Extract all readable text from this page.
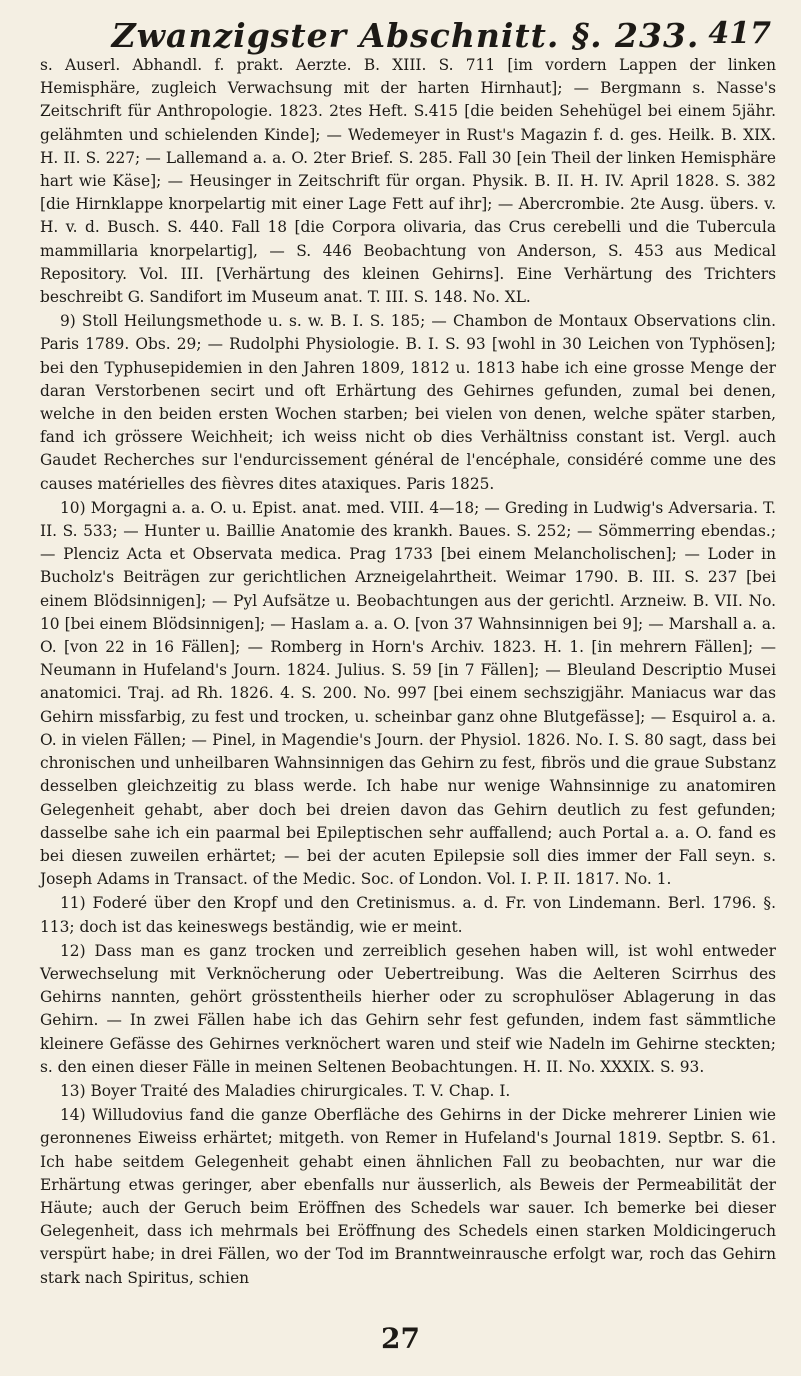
Zwanzigster Abschnitt. §. 233. 417

s. Auserl. Abhandl. f. prakt. Aerzte. B. XIII. S. 711 [im vordern Lappen der linken Hemisphäre, zugleich Verwachsung mit der harten Hirnhaut]; — Bergmann s. Nasse's Zeitschrift für Anthropologie. 1823. 2tes Heft. S.415 [die beiden Sehehügel bei einem 5jähr. gelähmten und schielenden Kinde]; — Wedemeyer in Rust's Magazin f. d. ges. Heilk. B. XIX. H. II. S. 227; — Lallemand a. a. O. 2ter Brief. S. 285. Fall 30 [ein Theil der linken Hemisphäre hart wie Käse]; — Heusinger in Zeitschrift für organ. Physik. B. II. H. IV. April 1828. S. 382 [die Hirnklappe knorpelartig mit einer Lage Fett auf ihr]; — Abercrombie. 2te Ausg. übers. v. H. v. d. Busch. S. 440. Fall 18 [die Corpora olivaria, das Crus cerebelli und die Tubercula mammillaria knorpelartig], — S. 446 Beobachtung von Anderson, S. 453 aus Medical Repository. Vol. III. [Verhärtung des kleinen Gehirns]. Eine Verhärtung des Trichters beschreibt G. Sandifort im Museum anat. T. III. S. 148. No. XL.

9) Stoll Heilungsmethode u. s. w. B. I. S. 185; — Chambon de Montaux Observations clin. Paris 1789. Obs. 29; — Rudolphi Physiologie. B. I. S. 93 [wohl in 30 Leichen von Typhösen]; bei den Typhusepidemien in den Jahren 1809, 1812 u. 1813 habe ich eine grosse Menge der daran Verstorbenen secirt und oft Erhärtung des Gehirnes gefunden, zumal bei denen, welche in den beiden ersten Wochen starben; bei vielen von denen, welche später starben, fand ich grössere Weichheit; ich weiss nicht ob dies Verhältniss constant ist. Vergl. auch Gaudet Recherches sur l'endurcissement général de l'encéphale, considéré comme une des causes matérielles des fièvres dites ataxiques. Paris 1825.

10) Morgagni a. a. O. u. Epist. anat. med. VIII. 4—18; — Greding in Ludwig's Adversaria. T. II. S. 533; — Hunter u. Baillie Anatomie des krankh. Baues. S. 252; — Sömmerring ebendas.; — Plenciz Acta et Observata medica. Prag 1733 [bei einem Melancholischen]; — Loder in Bucholz's Beiträgen zur gerichtlichen Arzneigelahrtheit. Weimar 1790. B. III. S. 237 [bei einem Blödsinnigen]; — Pyl Aufsätze u. Beobachtungen aus der gerichtl. Arzneiw. B. VII. No. 10 [bei einem Blödsinnigen]; — Haslam a. a. O. [von 37 Wahnsinnigen bei 9]; — Marshall a. a. O. [von 22 in 16 Fällen]; — Romberg in Horn's Archiv. 1823. H. 1. [in mehrern Fällen]; — Neumann in Hufeland's Journ. 1824. Julius. S. 59 [in 7 Fällen]; — Bleuland Descriptio Musei anatomici. Traj. ad Rh. 1826. 4. S. 200. No. 997 [bei einem sechszigjähr. Maniacus war das Gehirn missfarbig, zu fest und trocken, u. scheinbar ganz ohne Blutgefässe]; — Esquirol a. a. O. in vielen Fällen; — Pinel, in Magendie's Journ. der Physiol. 1826. No. I. S. 80 sagt, dass bei chronischen und unheilbaren Wahnsinnigen das Gehirn zu fest, fibrös und die graue Substanz desselben gleichzeitig zu blass werde. Ich habe nur wenige Wahnsinnige zu anatomiren Gelegenheit gehabt, aber doch bei dreien davon das Gehirn deutlich zu fest gefunden; dasselbe sahe ich ein paarmal bei Epileptischen sehr auffallend; auch Portal a. a. O. fand es bei diesen zuweilen erhärtet; — bei der acuten Epilepsie soll dies immer der Fall seyn. s. Joseph Adams in Transact. of the Medic. Soc. of London. Vol. I. P. II. 1817. No. 1.

11) Foderé über den Kropf und den Cretinismus. a. d. Fr. von Lindemann. Berl. 1796. §. 113; doch ist das keineswegs beständig, wie er meint.

12) Dass man es ganz trocken und zerreiblich gesehen haben will, ist wohl entweder Verwechselung mit Verknöcherung oder Uebertreibung. Was die Aelteren Scirrhus des Gehirns nannten, gehört grösstentheils hierher oder zu scrophulöser Ablagerung in das Gehirn. — In zwei Fällen habe ich das Gehirn sehr fest gefunden, indem fast sämmtliche kleinere Gefässe des Gehirnes verknöchert waren und steif wie Nadeln im Gehirne steckten; s. den einen dieser Fälle in meinen Seltenen Beobachtungen. H. II. No. XXXIX. S. 93.

13) Boyer Traité des Maladies chirurgicales. T. V. Chap. I.

14) Willudovius fand die ganze Oberfläche des Gehirns in der Dicke mehrerer Linien wie geronnenes Eiweiss erhärtet; mitgeth. von Remer in Hufeland's Journal 1819. Septbr. S. 61. Ich habe seitdem Gelegenheit gehabt einen ähnlichen Fall zu beobachten, nur war die Erhärtung etwas geringer, aber ebenfalls nur äusserlich, als Beweis der Permeabilität der Häute; auch der Geruch beim Eröffnen des Schedels war sauer. Ich bemerke bei dieser Gelegenheit, dass ich mehrmals bei Eröffnung des Schedels einen starken Moldicingeruch verspürt habe; in drei Fällen, wo der Tod im Branntweinrausche erfolgt war, roch das Gehirn stark nach Spiritus, schien

27
